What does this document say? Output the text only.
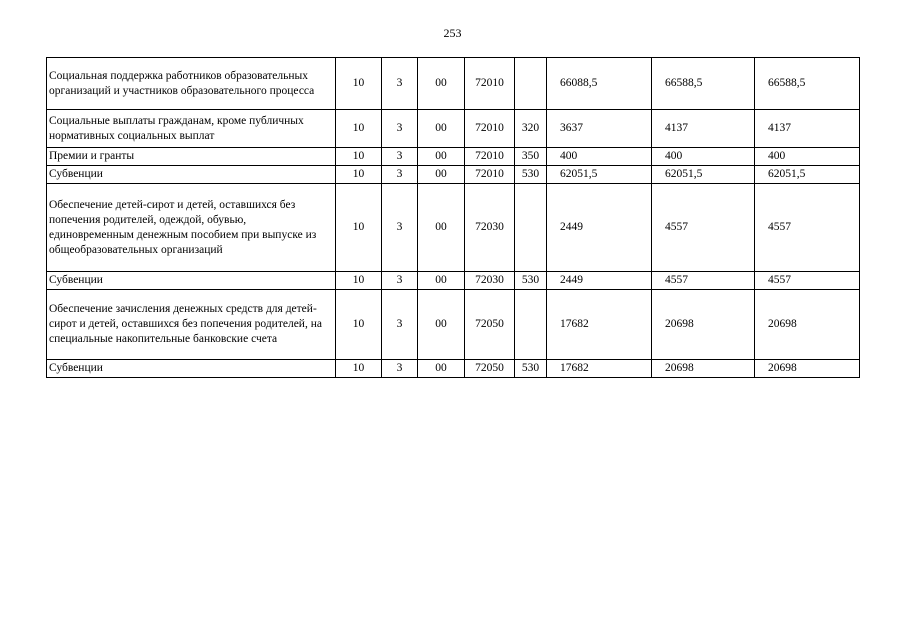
253
Социальная поддержка работников образовательных организаций и участников образовательного процесса	10	3	00	72010		66088,5	66588,5	66588,5
Социальные выплаты гражданам, кроме публичных нормативных социальных выплат	10	3	00	72010	320	3637	4137	4137
Премии и гранты	10	3	00	72010	350	400	400	400
Субвенции	10	3	00	72010	530	62051,5	62051,5	62051,5
Обеспечение детей-сирот и детей, оставшихся без попечения родителей, одеждой, обувью, единовременным денежным пособием при выпуске из общеобразовательных организаций	10	3	00	72030		2449	4557	4557
Субвенции	10	3	00	72030	530	2449	4557	4557
Обеспечение зачисления денежных средств для детей-сирот и детей, оставшихся без попечения родителей, на специальные накопительные банковские счета	10	3	00	72050		17682	20698	20698
Субвенции	10	3	00	72050	530	17682	20698	20698
